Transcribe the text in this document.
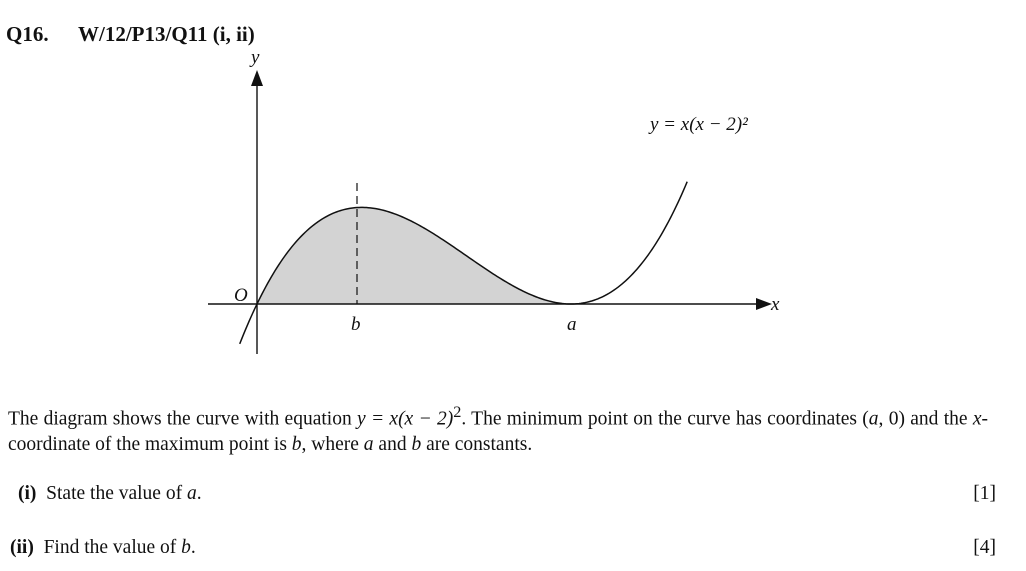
Q16. W/12/P13/Q11 (i, ii)
y
x
O
b	a
y = x(x − 2)²
The diagram shows the curve with equation $y = x(x - 2)^2$. The minimum point on the curve has coordinates (a, 0) and the x-coordinate of the maximum point is b, where a and b are constants.
(i) State the value of a.	[1]
(ii) Find the value of b.	[4]
